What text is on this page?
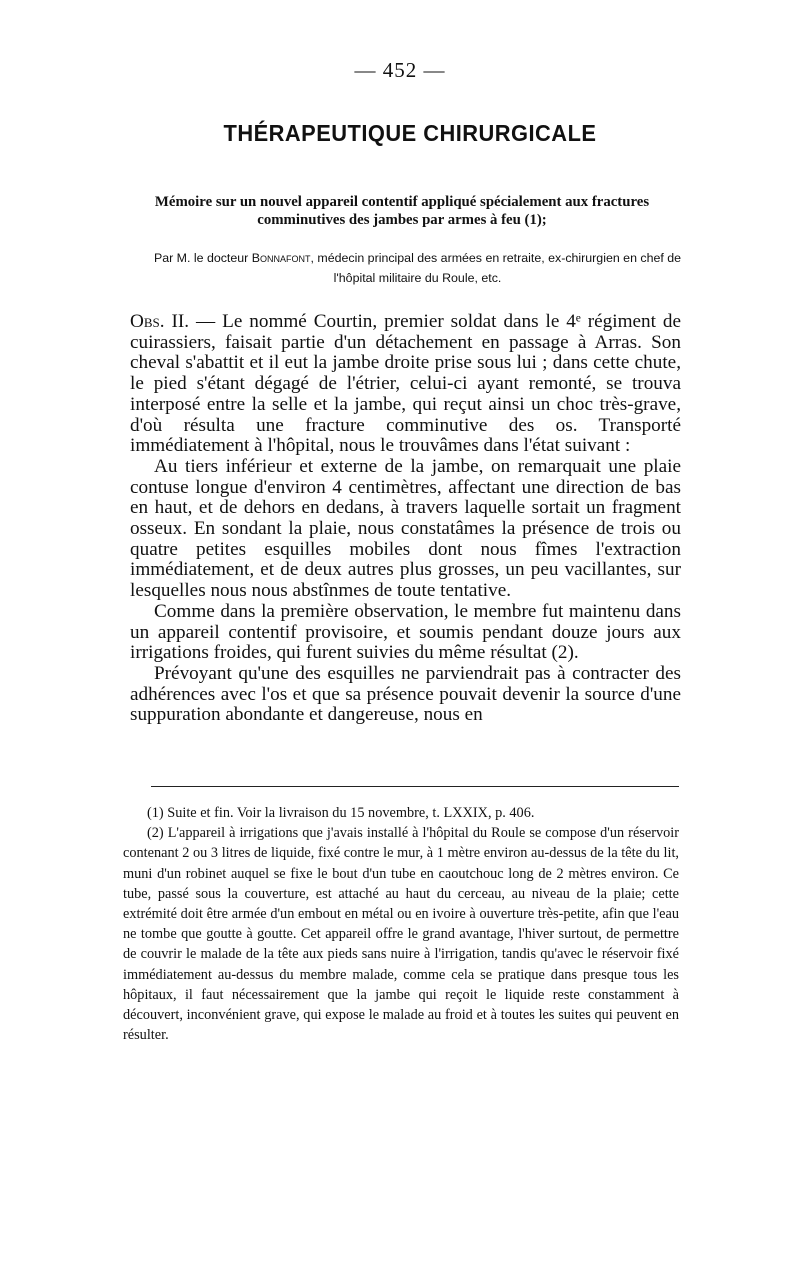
— 452 —
THÉRAPEUTIQUE CHIRURGICALE
Mémoire sur un nouvel appareil contentif appliqué spécialement aux fractures comminutives des jambes par armes à feu (1);
Par M. le docteur Bonnafont, médecin principal des armées en retraite, ex-chirurgien en chef de l'hôpital militaire du Roule, etc.

Obs. II. — Le nommé Courtin, premier soldat dans le 4ᵉ régiment de cuirassiers, faisait partie d'un détachement en passage à Arras. Son cheval s'abattit et il eut la jambe droite prise sous lui ; dans cette chute, le pied s'étant dégagé de l'étrier, celui-ci ayant remonté, se trouva interposé entre la selle et la jambe, qui reçut ainsi un choc très-grave, d'où résulta une fracture comminutive des os. Transporté immédiatement à l'hôpital, nous le trouvâmes dans l'état suivant :

Au tiers inférieur et externe de la jambe, on remarquait une plaie contuse longue d'environ 4 centimètres, affectant une direction de bas en haut, et de dehors en dedans, à travers laquelle sortait un fragment osseux. En sondant la plaie, nous constatâmes la présence de trois ou quatre petites esquilles mobiles dont nous fîmes l'extraction immédiatement, et de deux autres plus grosses, un peu vacillantes, sur lesquelles nous nous abstînmes de toute tentative.

Comme dans la première observation, le membre fut maintenu dans un appareil contentif provisoire, et soumis pendant douze jours aux irrigations froides, qui furent suivies du même résultat (2).

Prévoyant qu'une des esquilles ne parviendrait pas à contracter des adhérences avec l'os et que sa présence pouvait devenir la source d'une suppuration abondante et dangereuse, nous en

(1) Suite et fin. Voir la livraison du 15 novembre, t. LXXIX, p. 406.

(2) L'appareil à irrigations que j'avais installé à l'hôpital du Roule se compose d'un réservoir contenant 2 ou 3 litres de liquide, fixé contre le mur, à 1 mètre environ au-dessus de la tête du lit, muni d'un robinet auquel se fixe le bout d'un tube en caoutchouc long de 2 mètres environ. Ce tube, passé sous la couverture, est attaché au haut du cerceau, au niveau de la plaie; cette extrémité doit être armée d'un embout en métal ou en ivoire à ouverture très-petite, afin que l'eau ne tombe que goutte à goutte. Cet appareil offre le grand avantage, l'hiver surtout, de permettre de couvrir le malade de la tête aux pieds sans nuire à l'irrigation, tandis qu'avec le réservoir fixé immédiatement au-dessus du membre malade, comme cela se pratique dans presque tous les hôpitaux, il faut nécessairement que la jambe qui reçoit le liquide reste constamment à découvert, inconvénient grave, qui expose le malade au froid et à toutes les suites qui peuvent en résulter.
